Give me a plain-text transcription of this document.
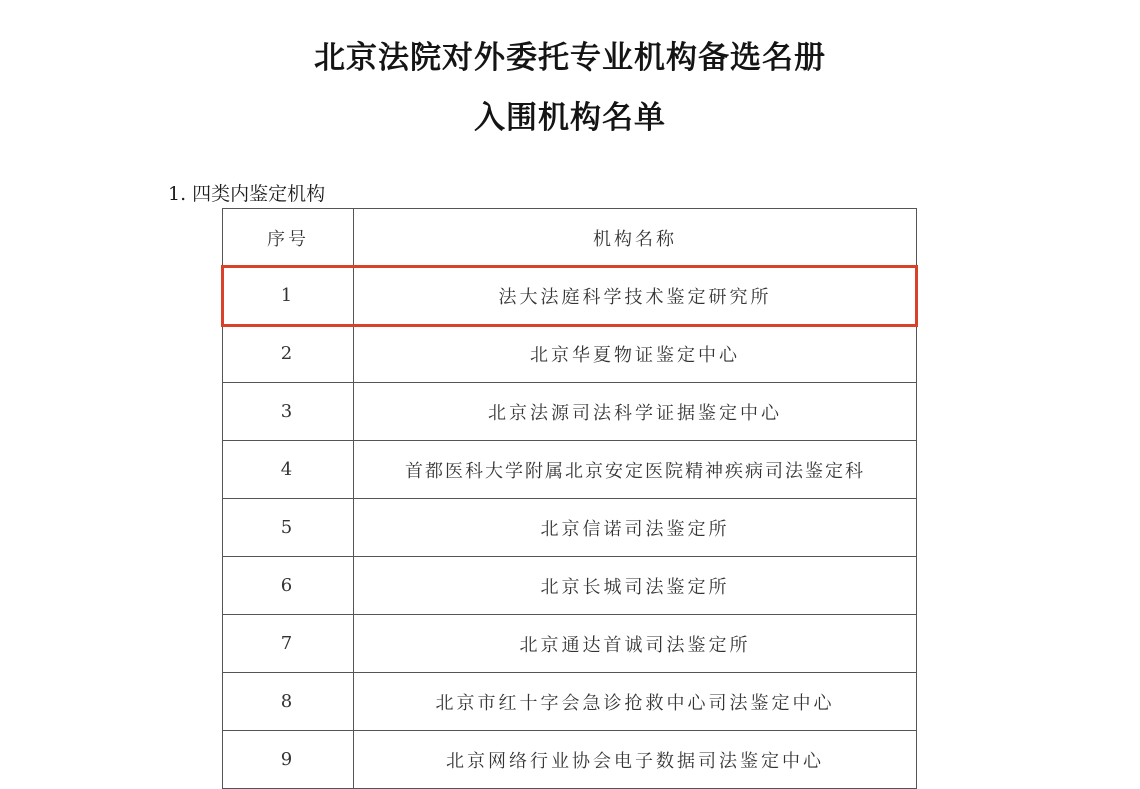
北京法院对外委托专业机构备选名册
入围机构名单
1. 四类内鉴定机构
序号	机构名称
1	法大法庭科学技术鉴定研究所
2	北京华夏物证鉴定中心
3	北京法源司法科学证据鉴定中心
4	首都医科大学附属北京安定医院精神疾病司法鉴定科
5	北京信诺司法鉴定所
6	北京长城司法鉴定所
7	北京通达首诚司法鉴定所
8	北京市红十字会急诊抢救中心司法鉴定中心
9	北京网络行业协会电子数据司法鉴定中心
